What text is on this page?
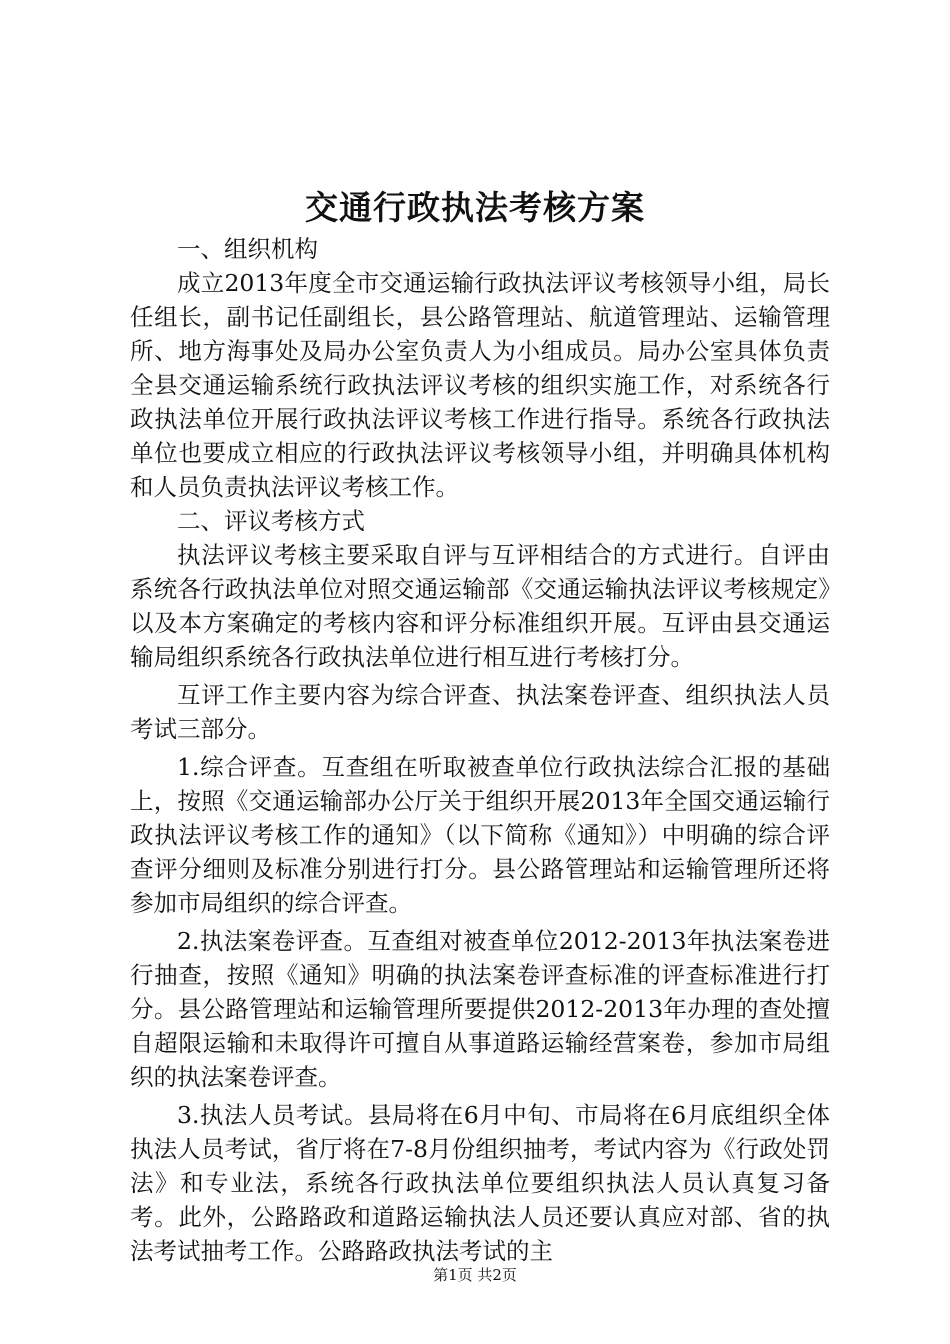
交通行政执法考核方案

一、组织机构

成立2013年度全市交通运输行政执法评议考核领导小组，局长任组长，副书记任副组长，县公路管理站、航道管理站、运输管理所、地方海事处及局办公室负责人为小组成员。局办公室具体负责全县交通运输系统行政执法评议考核的组织实施工作，对系统各行政执法单位开展行政执法评议考核工作进行指导。系统各行政执法单位也要成立相应的行政执法评议考核领导小组，并明确具体机构和人员负责执法评议考核工作。

二、评议考核方式

执法评议考核主要采取自评与互评相结合的方式进行。自评由系统各行政执法单位对照交通运输部《交通运输执法评议考核规定》以及本方案确定的考核内容和评分标准组织开展。互评由县交通运输局组织系统各行政执法单位进行相互进行考核打分。

互评工作主要内容为综合评查、执法案卷评查、组织执法人员考试三部分。

1.综合评查。互查组在听取被查单位行政执法综合汇报的基础上，按照《交通运输部办公厅关于组织开展2013年全国交通运输行政执法评议考核工作的通知》（以下简称《通知》）中明确的综合评查评分细则及标准分别进行打分。县公路管理站和运输管理所还将参加市局组织的综合评查。

2.执法案卷评查。互查组对被查单位2012-2013年执法案卷进行抽查，按照《通知》明确的执法案卷评查标准的评查标准进行打分。县公路管理站和运输管理所要提供2012-2013年办理的查处擅自超限运输和未取得许可擅自从事道路运输经营案卷，参加市局组织的执法案卷评查。

3.执法人员考试。县局将在6月中旬、市局将在6月底组织全体执法人员考试，省厅将在7-8月份组织抽考，考试内容为《行政处罚法》和专业法，系统各行政执法单位要组织执法人员认真复习备考。此外，公路路政和道路运输执法人员还要认真应对部、省的执法考试抽考工作。公路路政执法考试的主

第1页 共2页
